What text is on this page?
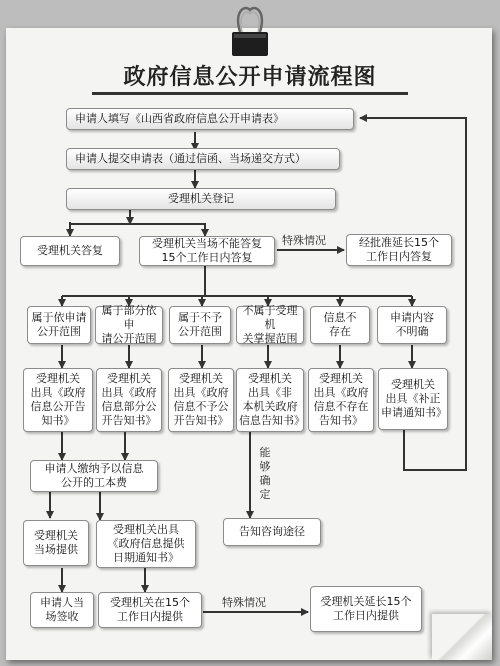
政府信息公开申请流程图
申请人填写《山西省政府信息公开申请表》
申请人提交申请表（通过信函、当场递交方式）
受理机关登记
受理机关答复
受理机关当场不能答复
15个工作日内答复
经批准延长15个
工作日内答复
属于依申请
公开范围
属于部分依申
请公开范围
属于不予
公开范围
不属于受理机
关掌握范围
信息不
存在
申请内容
不明确
受理机关
出具《政府
信息公开告
知书》
受理机关
出具《政府
信息部分公
开告知书》
受理机关
出具《政府
信息不予公
开告知书》
受理机关
出具《非
本机关政府
信息告知书》
受理机关
出具《政府
信息不存在
告知书》
受理机关
出具《补正
申请通知书》
申请人缴纳予以信息
公开的工本费
受理机关
当场提供
受理机关出具
《政府信息提供
日期通知书》
告知咨询途径
申请人当
场签收
受理机关在15个
工作日内提供
受理机关延长15个
工作日内提供
特殊情况
能够确定
特殊情况
